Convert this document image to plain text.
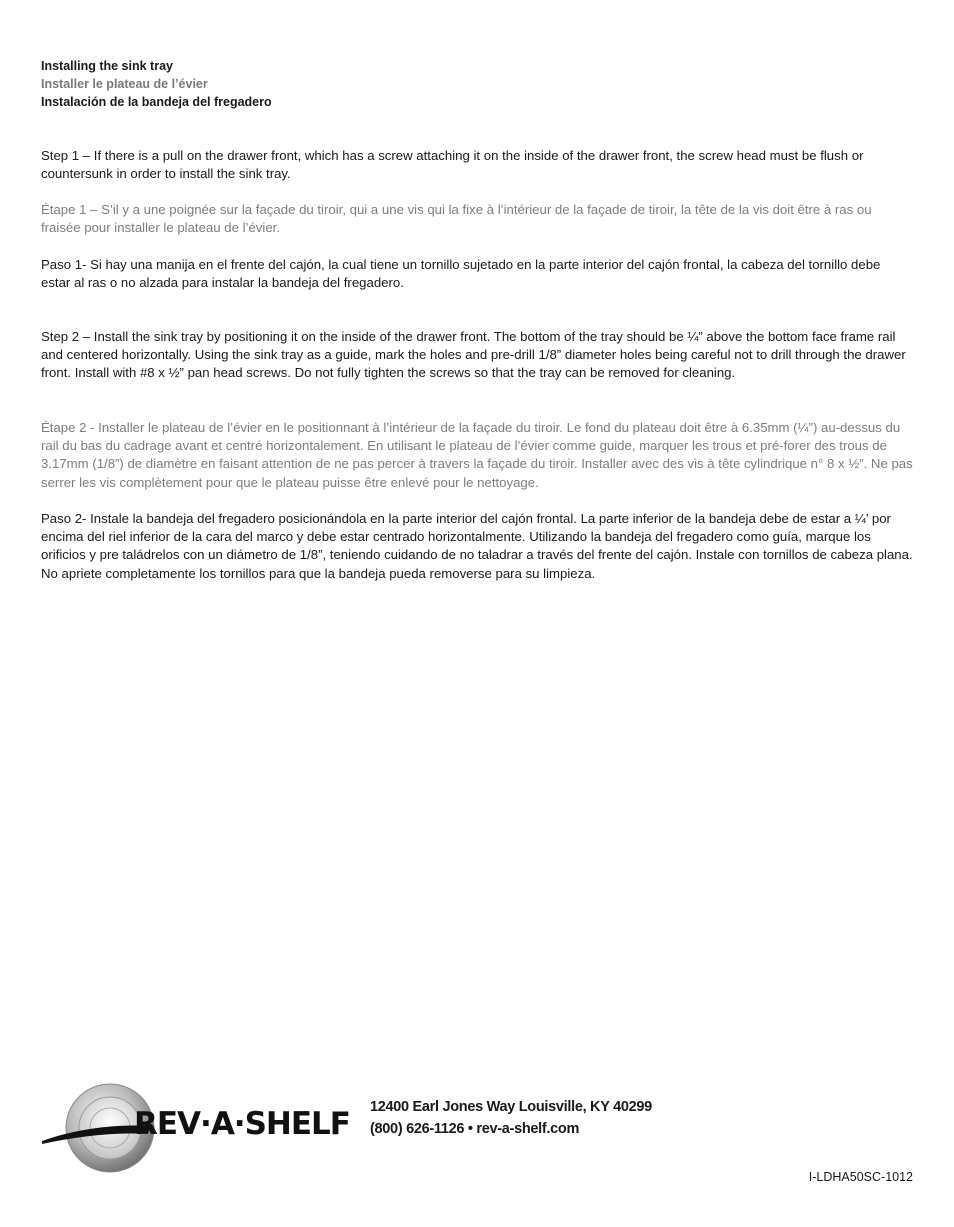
Installing the sink tray
Installer le plateau de l’évier
Instalación de la bandeja del fregadero
Step 1 – If there is a pull on the drawer front, which has a screw attaching it on the inside of the drawer front, the screw head must be flush or countersunk in order to install the sink tray.
Étape 1 – S’il y a une poignée sur la façade du tiroir, qui a une vis qui la fixe à l’intérieur de la façade de tiroir, la tête de la vis doit être à ras ou fraisée pour installer le plateau de l’évier.
Paso 1- Si hay una manija en el frente del cajón, la cual tiene un tornillo sujetado en la parte interior del cajón frontal, la cabeza del tornillo debe estar al ras o no alzada para instalar la bandeja del fregadero.
Step 2 – Install the sink tray by positioning it on the inside of the drawer front. The bottom of the tray should be ¼” above the bottom face frame rail and centered horizontally. Using the sink tray as a guide, mark the holes and pre-drill 1/8” diameter holes being careful not to drill through the drawer front. Install with #8 x ½” pan head screws. Do not fully tighten the screws so that the tray can be removed for cleaning.
Étape 2 - Installer le plateau de l’évier en le positionnant à l’intérieur de la façade du tiroir. Le fond du plateau doit être à 6.35mm (¼”) au-dessus du rail du bas du cadrage avant et centré horizontalement. En utilisant le plateau de l’évier comme guide, marquer les trous et pré-forer des trous de 3.17mm (1/8”) de diamètre en faisant attention de ne pas percer à travers la façade du tiroir. Installer avec des vis à tête cylindrique n° 8 x ½”. Ne pas serrer les vis complètement pour que le plateau puisse être enlevé pour le nettoyage.
Paso 2- Instale la bandeja del fregadero posicionándola en la parte interior del cajón frontal. La parte inferior de la bandeja debe de estar a ¼’ por encima del riel inferior de la cara del marco y debe estar centrado horizontalmente. Utilizando la bandeja del fregadero como guía, marque los orificios y pre taládrelos con un diámetro de 1/8”, teniendo cuidando de no taladrar a través del frente del cajón. Instale con tornillos de cabeza plana. No apriete completamente los tornillos para que la bandeja pueda removerse para su limpieza.
REV·A·SHELF 12400 Earl Jones Way Louisville, KY 40299
(800) 626-1126 • rev-a-shelf.com
I-LDHA50SC-1012
